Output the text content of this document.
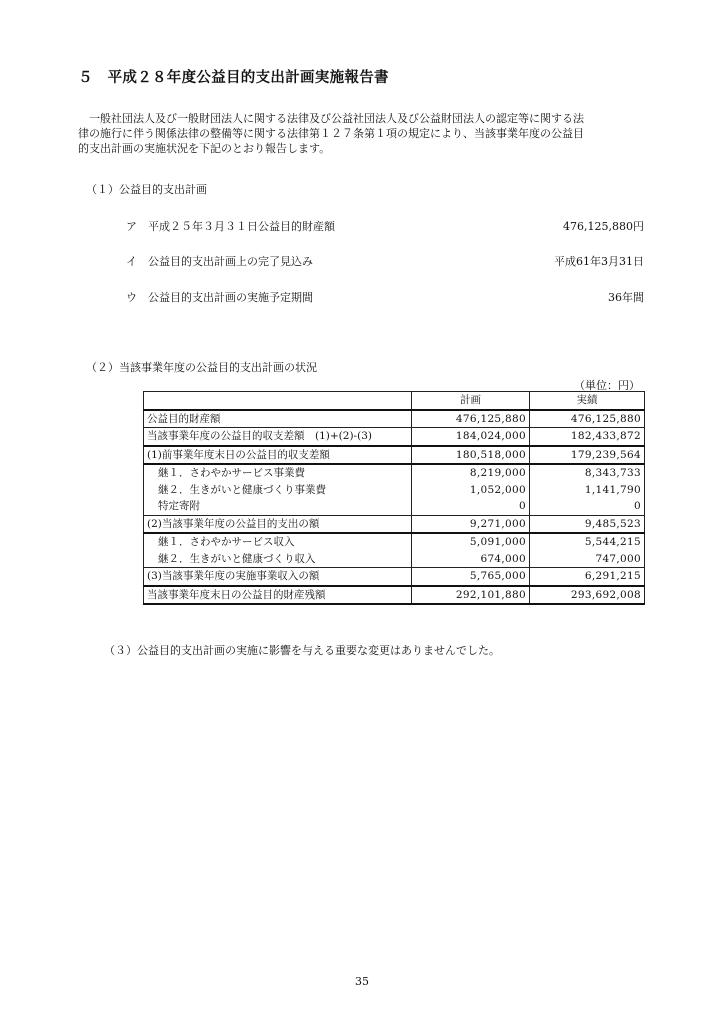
５　平成２８年度公益目的支出計画実施報告書

　一般社団法人及び一般財団法人に関する法律及び公益社団法人及び公益財団法人の認定等に関する法

律の施行に伴う関係法律の整備等に関する法律第１２７条第１項の規定により、当該事業年度の公益目

的支出計画の実施状況を下記のとおり報告します。

（１）公益目的支出計画
ア　平成２５年３月３１日公益目的財産額	476,125,880円
イ　公益目的支出計画上の完了見込み	平成61年3月31日
ウ　公益目的支出計画の実施予定期間	36年間
（２）当該事業年度の公益目的支出計画の状況
（単位：円）
	計画	実績
公益目的財産額	476,125,880	476,125,880
当該事業年度の公益目的収支差額　(1)+(2)-(3)	184,024,000	182,433,872
(1)前事業年度末日の公益目的収支差額	180,518,000	179,239,564
継１．さわやかサービス事業費	8,219,000	8,343,733
継２．生きがいと健康づくり事業費	1,052,000	1,141,790
特定寄附	0	0
(2)当該事業年度の公益目的支出の額	9,271,000	9,485,523
継１．さわやかサービス収入	5,091,000	5,544,215
継２．生きがいと健康づくり収入	674,000	747,000
(3)当該事業年度の実施事業収入の額	5,765,000	6,291,215
当該事業年度末日の公益目的財産残額	292,101,880	293,692,008
（３）公益目的支出計画の実施に影響を与える重要な変更はありませんでした。
35
